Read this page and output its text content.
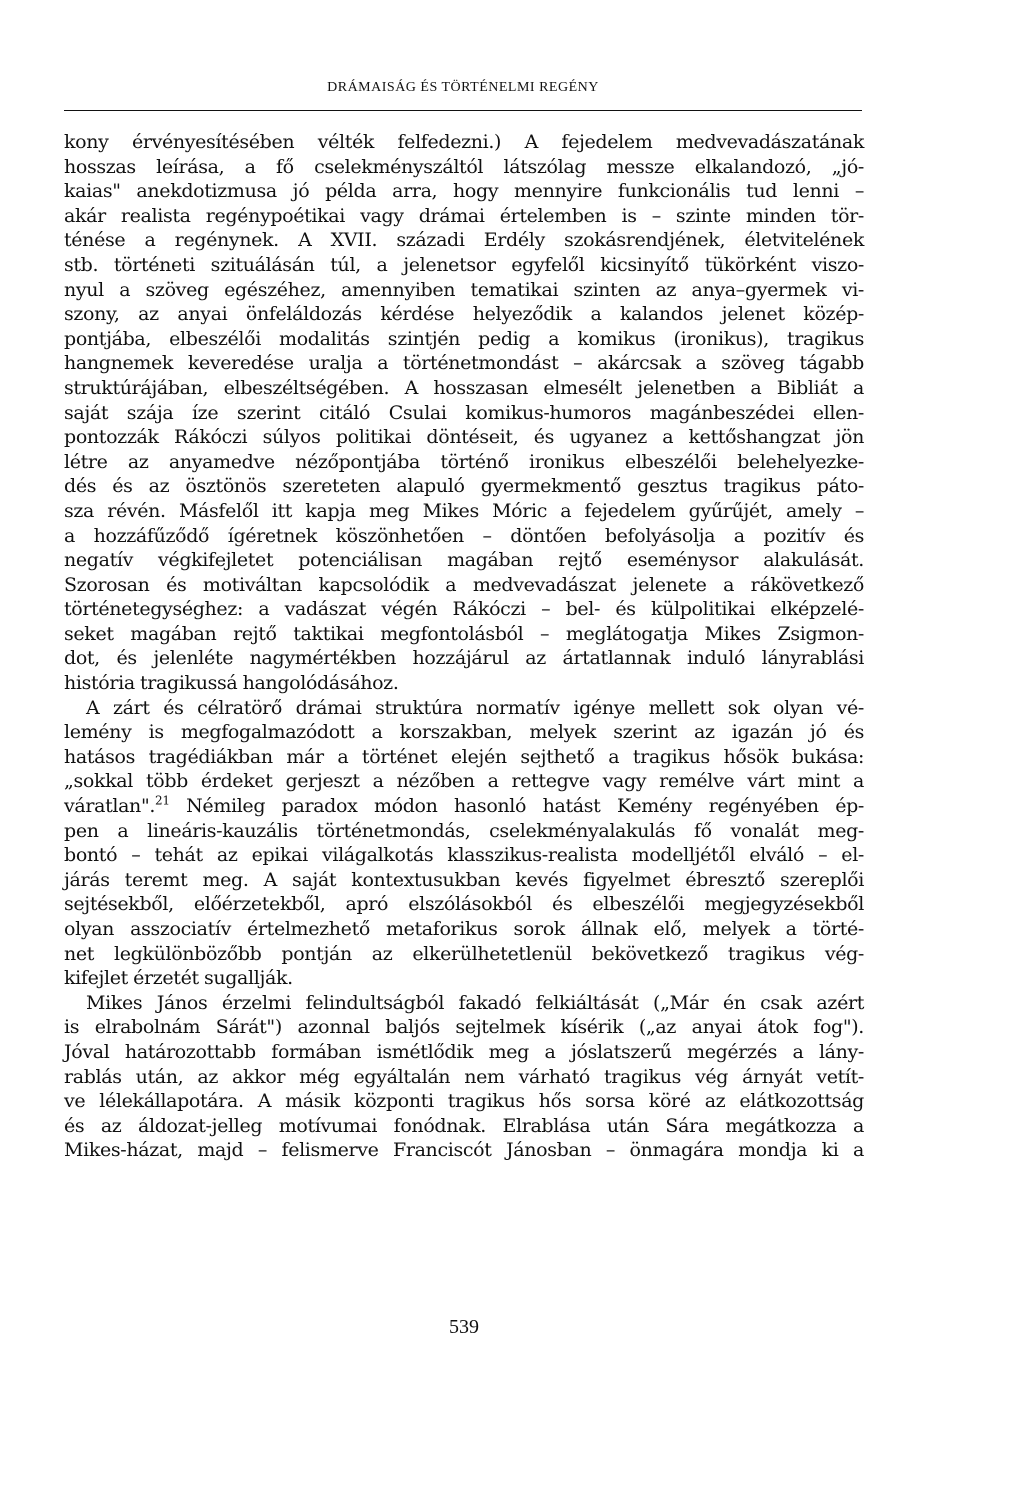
DRÁMAISÁG ÉS TÖRTÉNELMI REGÉNY
kony érvényesítésében vélték felfedezni.) A fejedelem medvevadászatának
hosszas leírása, a fő cselekményszáltól látszólag messze elkalandozó, „jó-
kaias" anekdotizmusa jó példa arra, hogy mennyire funkcionális tud lenni –
akár realista regénypoétikai vagy drámai értelemben is – szinte minden tör-
ténése a regénynek. A XVII. századi Erdély szokásrendjének, életvitelének
stb. történeti szituálásán túl, a jelenetsor egyfelől kicsinyítő tükörként viszo-
nyul a szöveg egészéhez, amennyiben tematikai szinten az anya–gyermek vi-
szony, az anyai önfeláldozás kérdése helyeződik a kalandos jelenet közép-
pontjába, elbeszélői modalitás szintjén pedig a komikus (ironikus), tragikus
hangnemek keveredése uralja a történetmondást – akárcsak a szöveg tágabb
struktúrájában, elbeszéltségében. A hosszasan elmesélt jelenetben a Bibliát a
saját szája íze szerint citáló Csulai komikus-humoros magánbeszédei ellen-
pontozzák Rákóczi súlyos politikai döntéseit, és ugyanez a kettőshangzat jön
létre az anyamedve nézőpontjába történő ironikus elbeszélői belehelyezke-
dés és az ösztönös szereteten alapuló gyermekmentő gesztus tragikus páto-
sza révén. Másfelől itt kapja meg Mikes Móric a fejedelem gyűrűjét, amely –
a hozzáfűződő ígéretnek köszönhetően – döntően befolyásolja a pozitív és
negatív végkifejletet potenciálisan magában rejtő eseménysor alakulását.
Szorosan és motiváltan kapcsolódik a medvevadászat jelenete a rákövetkező
történetegységhez: a vadászat végén Rákóczi – bel- és külpolitikai elképzelé-
seket magában rejtő taktikai megfontolásból – meglátogatja Mikes Zsigmon-
dot, és jelenléte nagymértékben hozzájárul az ártatlannak induló lányrablási
história tragikussá hangolódásához.
A zárt és célratörő drámai struktúra normatív igénye mellett sok olyan vé-
lemény is megfogalmazódott a korszakban, melyek szerint az igazán jó és
hatásos tragédiákban már a történet elején sejthető a tragikus hősök bukása:
„sokkal több érdeket gerjeszt a nézőben a rettegve vagy remélve várt mint a
váratlan".$^{21}$ Némileg paradox módon hasonló hatást Kemény regényében ép-
pen a lineáris-kauzális történetmondás, cselekményalakulás fő vonalát meg-
bontó – tehát az epikai világalkotás klasszikus-realista modelljétől elváló – el-
járás teremt meg. A saját kontextusukban kevés figyelmet ébresztő szereplői
sejtésekből, előérzetekből, apró elszólásokból és elbeszélői megjegyzésekből
olyan asszociatív értelmezhető metaforikus sorok állnak elő, melyek a törté-
net legkülönbözőbb pontján az elkerülhetetlenül bekövetkező tragikus vég-
kifejlet érzetét sugallják.
Mikes János érzelmi felindultságból fakadó felkiáltását („Már én csak azért
is elrabolnám Sárát") azonnal baljós sejtelmek kísérik („az anyai átok fog").
Jóval határozottabb formában ismétlődik meg a jóslatszerű megérzés a lány-
rablás után, az akkor még egyáltalán nem várható tragikus vég árnyát vetít-
ve lélekállapotára. A másik központi tragikus hős sorsa köré az elátkozottság
és az áldozat-jelleg motívumai fonódnak. Elrablása után Sára megátkozza a
Mikes-házat, majd – felismerve Franciscót Jánosban – önmagára mondja ki a
539
